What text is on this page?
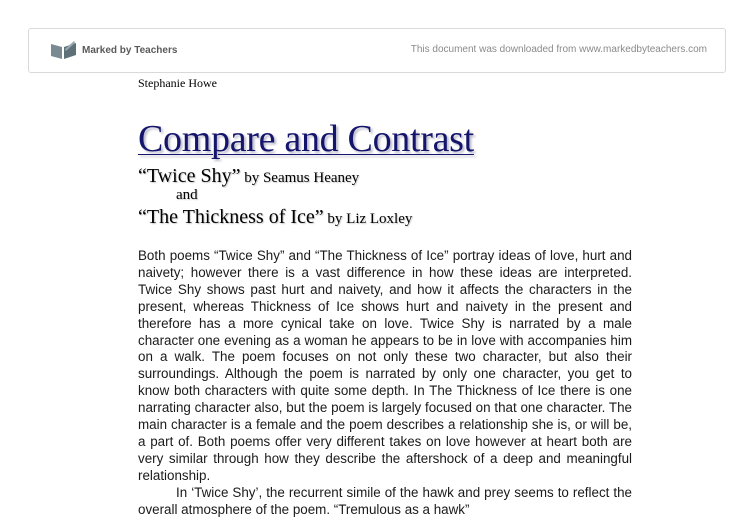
Marked by Teachers	This document was downloaded from www.markedbyteachers.com
Stephanie Howe
Compare and Contrast
“Twice Shy” by Seamus Heaney
and
“The Thickness of Ice” by Liz Loxley

Both poems “Twice Shy” and “The Thickness of Ice” portray ideas of love, hurt and naivety; however there is a vast difference in how these ideas are interpreted. Twice Shy shows past hurt and naivety, and how it affects the characters in the present, whereas Thickness of Ice shows hurt and naivety in the present and therefore has a more cynical take on love. Twice Shy is narrated by a male character one evening as a woman he appears to be in love with accompanies him on a walk. The poem focuses on not only these two character, but also their surroundings. Although the poem is narrated by only one character, you get to know both characters with quite some depth. In The Thickness of Ice there is one narrating character also, but the poem is largely focused on that one character. The main character is a female and the poem describes a relationship she is, or will be, a part of. Both poems offer very different takes on love however at heart both are very similar through how they describe the aftershock of a deep and meaningful relationship.

In ‘Twice Shy’, the recurrent simile of the hawk and prey seems to reflect the overall atmosphere of the poem. “Tremulous as a hawk”
